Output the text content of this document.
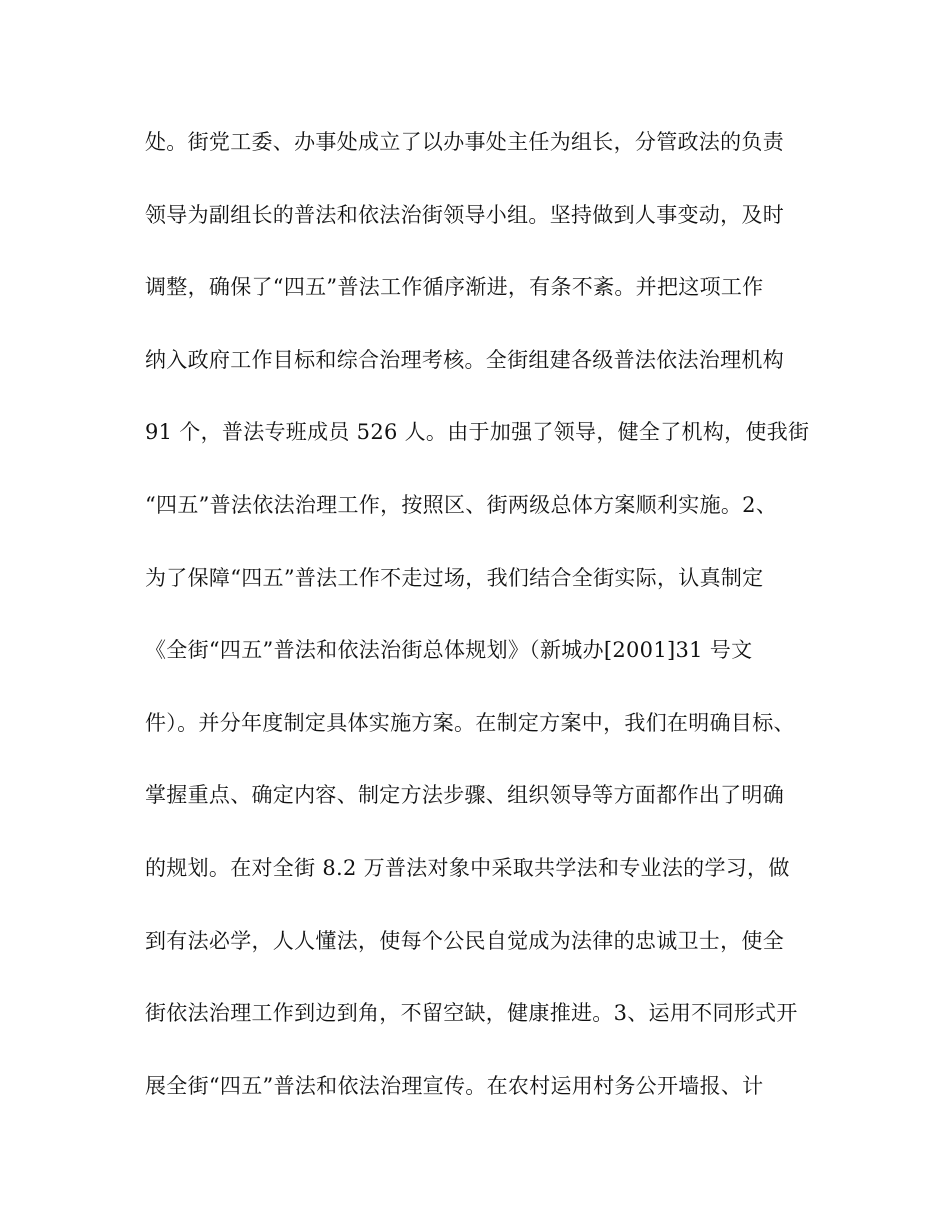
处。街党工委、办事处成立了以办事处主任为组长，分管政法的负责
领导为副组长的普法和依法治街领导小组。坚持做到人事变动，及时
调整，确保了“四五”普法工作循序渐进，有条不紊。并把这项工作
纳入政府工作目标和综合治理考核。全街组建各级普法依法治理机构
91 个，普法专班成员 526 人。由于加强了领导，健全了机构，使我街
“四五”普法依法治理工作，按照区、街两级总体方案顺利实施。2、
为了保障“四五”普法工作不走过场，我们结合全街实际，认真制定
《全街“四五”普法和依法治街总体规划》（新城办[2001]31 号文
件）。并分年度制定具体实施方案。在制定方案中，我们在明确目标、
掌握重点、确定内容、制定方法步骤、组织领导等方面都作出了明确
的规划。在对全街 8.2 万普法对象中采取共学法和专业法的学习，做
到有法必学，人人懂法，使每个公民自觉成为法律的忠诚卫士，使全
街依法治理工作到边到角，不留空缺，健康推进。3、运用不同形式开
展全街“四五”普法和依法治理宣传。在农村运用村务公开墙报、计
